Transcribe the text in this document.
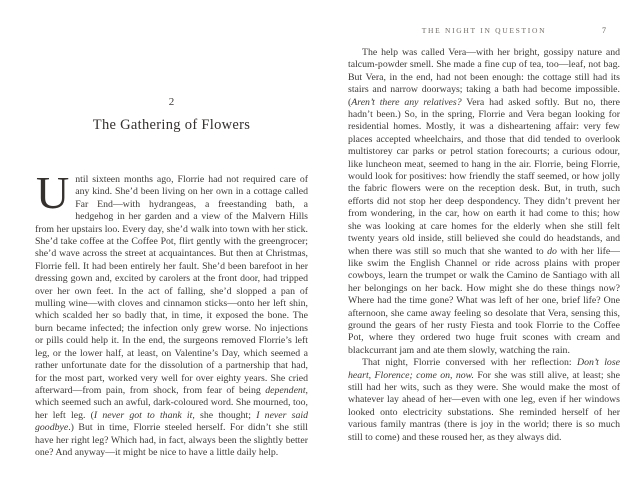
2
The Gathering of Flowers

Until sixteen months ago, Florrie had not required care of any kind. She’d been living on her own in a cottage called Far End—with hydrangeas, a freestanding bath, a hedgehog in her garden and a view of the Malvern Hills from her upstairs loo. Every day, she’d walk into town with her stick. She’d take coffee at the Coffee Pot, flirt gently with the greengrocer; she’d wave across the street at acquaintances. But then at Christmas, Florrie fell. It had been entirely her fault. She’d been barefoot in her dressing gown and, excited by carolers at the front door, had tripped over her own feet. In the act of falling, she’d slopped a pan of mulling wine—with cloves and cinnamon sticks—onto her left shin, which scalded her so badly that, in time, it exposed the bone. The burn became infected; the infection only grew worse. No injections or pills could help it. In the end, the surgeons removed Florrie’s left leg, or the lower half, at least, on Valentine’s Day, which seemed a rather unfortunate date for the dissolution of a partnership that had, for the most part, worked very well for over eighty years. She cried afterward—from pain, from shock, from fear of being dependent, which seemed such an awful, dark-coloured word. She mourned, too, her left leg. (I never got to thank it, she thought; I never said goodbye.) But in time, Florrie steeled herself. For didn’t she still have her right leg? Which had, in fact, always been the slightly better one? And anyway—it might be nice to have a little daily help.

THE NIGHT IN QUESTION	7

The help was called Vera—with her bright, gossipy nature and talcum-powder smell. She made a fine cup of tea, too—leaf, not bag. But Vera, in the end, had not been enough: the cottage still had its stairs and narrow doorways; taking a bath had become impossible. (Aren’t there any relatives? Vera had asked softly. But no, there hadn’t been.) So, in the spring, Florrie and Vera began looking for residential homes. Mostly, it was a disheartening affair: very few places accepted wheelchairs, and those that did tended to overlook multistorey car parks or petrol station forecourts; a curious odour, like luncheon meat, seemed to hang in the air. Florrie, being Florrie, would look for positives: how friendly the staff seemed, or how jolly the fabric flowers were on the reception desk. But, in truth, such efforts did not stop her deep despondency. They didn’t prevent her from wondering, in the car, how on earth it had come to this; how she was looking at care homes for the elderly when she still felt twenty years old inside, still believed she could do headstands, and when there was still so much that she wanted to do with her life—like swim the English Channel or ride across plains with proper cowboys, learn the trumpet or walk the Camino de Santiago with all her belongings on her back. How might she do these things now? Where had the time gone? What was left of her one, brief life? One afternoon, she came away feeling so desolate that Vera, sensing this, ground the gears of her rusty Fiesta and took Florrie to the Coffee Pot, where they ordered two huge fruit scones with cream and blackcurrant jam and ate them slowly, watching the rain.

That night, Florrie conversed with her reflection: Don’t lose heart, Florence; come on, now. For she was still alive, at least; she still had her wits, such as they were. She would make the most of whatever lay ahead of her—even with one leg, even if her windows looked onto electricity substations. She reminded herself of her various family mantras (there is joy in the world; there is so much still to come) and these roused her, as they always did.
